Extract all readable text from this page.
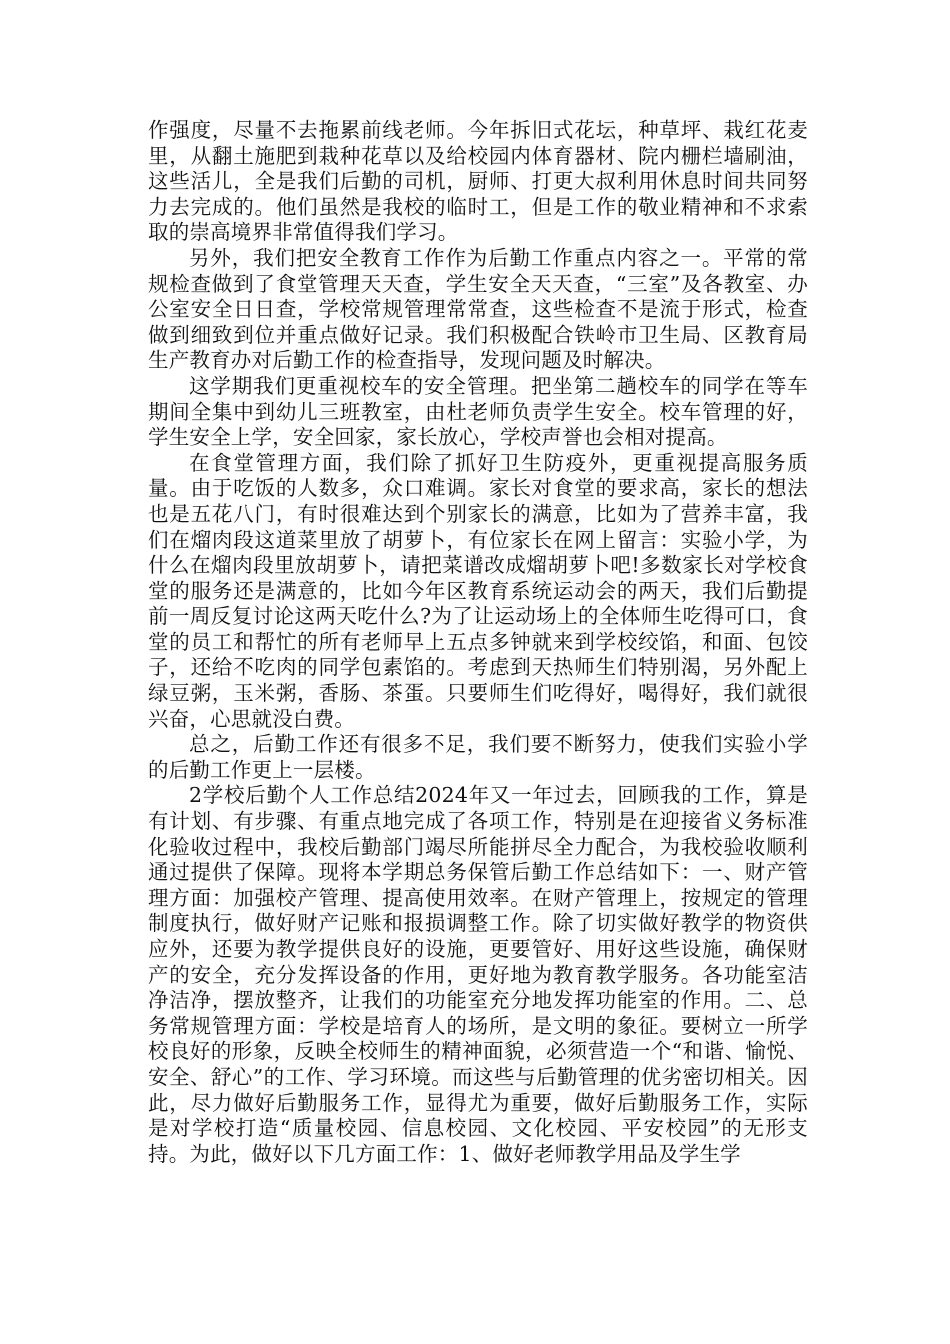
作强度，尽量不去拖累前线老师。今年拆旧式花坛，种草坪、栽红花麦里，从翻土施肥到栽种花草以及给校园内体育器材、院内栅栏墙刷油，这些活儿，全是我们后勤的司机，厨师、打更大叔利用休息时间共同努力去完成的。他们虽然是我校的临时工，但是工作的敬业精神和不求索取的崇高境界非常值得我们学习。

另外，我们把安全教育工作作为后勤工作重点内容之一。平常的常规检查做到了食堂管理天天查，学生安全天天查，“三室”及各教室、办公室安全日日查，学校常规管理常常查，这些检查不是流于形式，检查做到细致到位并重点做好记录。我们积极配合铁岭市卫生局、区教育局生产教育办对后勤工作的检查指导，发现问题及时解决。

这学期我们更重视校车的安全管理。把坐第二趟校车的同学在等车期间全集中到幼儿三班教室，由杜老师负责学生安全。校车管理的好，学生安全上学，安全回家，家长放心，学校声誉也会相对提高。

在食堂管理方面，我们除了抓好卫生防疫外，更重视提高服务质量。由于吃饭的人数多，众口难调。家长对食堂的要求高，家长的想法也是五花八门，有时很难达到个别家长的满意，比如为了营养丰富，我们在熘肉段这道菜里放了胡萝卜，有位家长在网上留言：实验小学，为什么在熘肉段里放胡萝卜，请把菜谱改成熘胡萝卜吧!多数家长对学校食堂的服务还是满意的，比如今年区教育系统运动会的两天，我们后勤提前一周反复讨论这两天吃什么?为了让运动场上的全体师生吃得可口，食堂的员工和帮忙的所有老师早上五点多钟就来到学校绞馅，和面、包饺子，还给不吃肉的同学包素馅的。考虑到天热师生们特别渴，另外配上绿豆粥，玉米粥，香肠、茶蛋。只要师生们吃得好，喝得好，我们就很兴奋，心思就没白费。

总之，后勤工作还有很多不足，我们要不断努力，使我们实验小学的后勤工作更上一层楼。

2学校后勤个人工作总结2024年又一年过去，回顾我的工作，算是有计划、有步骤、有重点地完成了各项工作，特别是在迎接省义务标准化验收过程中，我校后勤部门竭尽所能拼尽全力配合，为我校验收顺利通过提供了保障。现将本学期总务保管后勤工作总结如下：一、财产管理方面：加强校产管理、提高使用效率。在财产管理上，按规定的管理制度执行，做好财产记账和报损调整工作。除了切实做好教学的物资供应外，还要为教学提供良好的设施，更要管好、用好这些设施，确保财产的安全，充分发挥设备的作用，更好地为教育教学服务。各功能室洁净洁净，摆放整齐，让我们的功能室充分地发挥功能室的作用。二、总务常规管理方面：学校是培育人的场所，是文明的象征。要树立一所学校良好的形象，反映全校师生的精神面貌，必须营造一个“和谐、愉悦、安全、舒心”的工作、学习环境。而这些与后勤管理的优劣密切相关。因此，尽力做好后勤服务工作，显得尤为重要，做好后勤服务工作，实际是对学校打造“质量校园、信息校园、文化校园、平安校园”的无形支持。为此，做好以下几方面工作：1、做好老师教学用品及学生学
